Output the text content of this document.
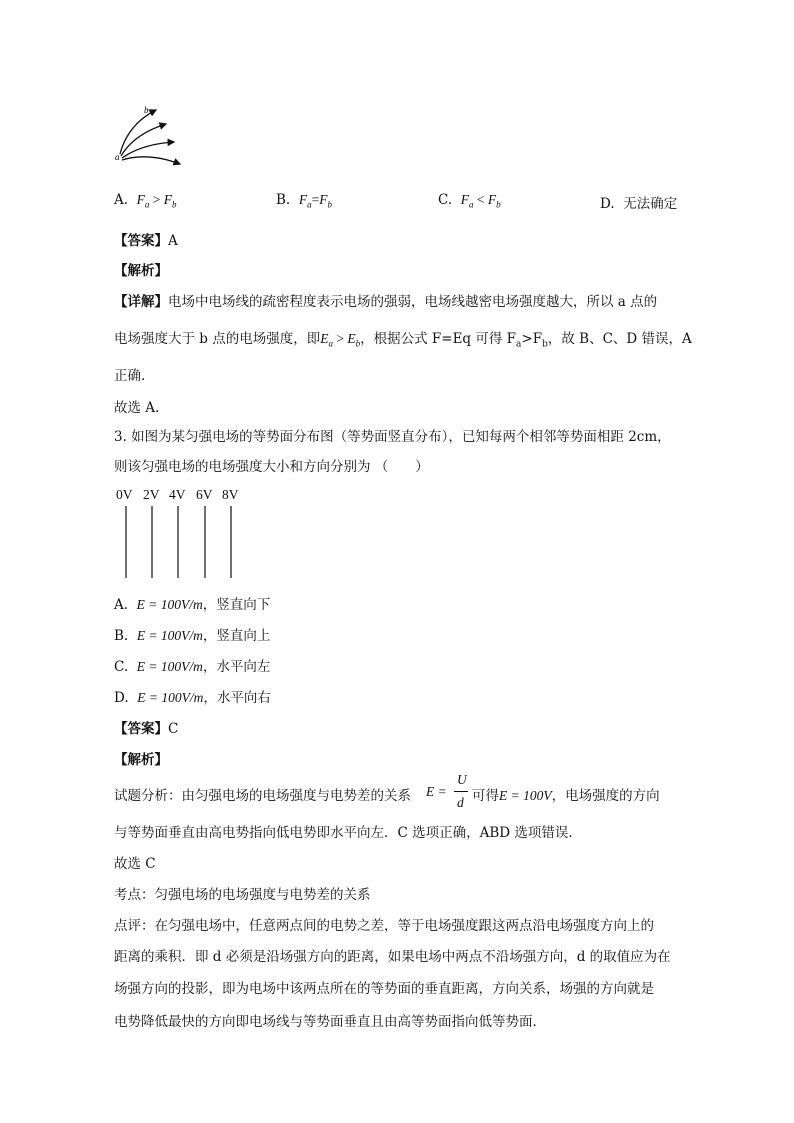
b
a
A. $F_a > F_b$	B. $F_a=F_b$	C. $F_a < F_b$	D. 无法确定
【答案】A
【解析】
【详解】电场中电场线的疏密程度表示电场的强弱，电场线越密电场强度越大，所以 a 点的
电场强度大于 b 点的电场强度，即$E_a > E_b$，根据公式 F=Eq 可得 $F_a>F_b$，故 B、C、D 错误，A
正确.
故选 A.
3. 如图为某匀强电场的等势面分布图（等势面竖直分布），已知每两个相邻等势面相距 2cm，
则该匀强电场的电场强度大小和方向分别为 （　　）
0V 2V 4V 6V 8V
A. E = 100V/m，竖直向下
B. E = 100V/m，竖直向上
C. E = 100V/m，水平向左
D. E = 100V/m，水平向右
【答案】C
【解析】
试题分析：由匀强电场的电场强度与电势差的关系 E =
U
d 可得E = 100V，电场强度的方向
与等势面垂直由高电势指向低电势即水平向左．C 选项正确，ABD 选项错误．
故选 C
考点：匀强电场的电场强度与电势差的关系
点评：在匀强电场中，任意两点间的电势之差，等于电场强度跟这两点沿电场强度方向上的
距离的乘积．即 d 必须是沿场强方向的距离，如果电场中两点不沿场强方向，d 的取值应为在
场强方向的投影，即为电场中该两点所在的等势面的垂直距离，方向关系，场强的方向就是
电势降低最快的方向即电场线与等势面垂直且由高等势面指向低等势面．
